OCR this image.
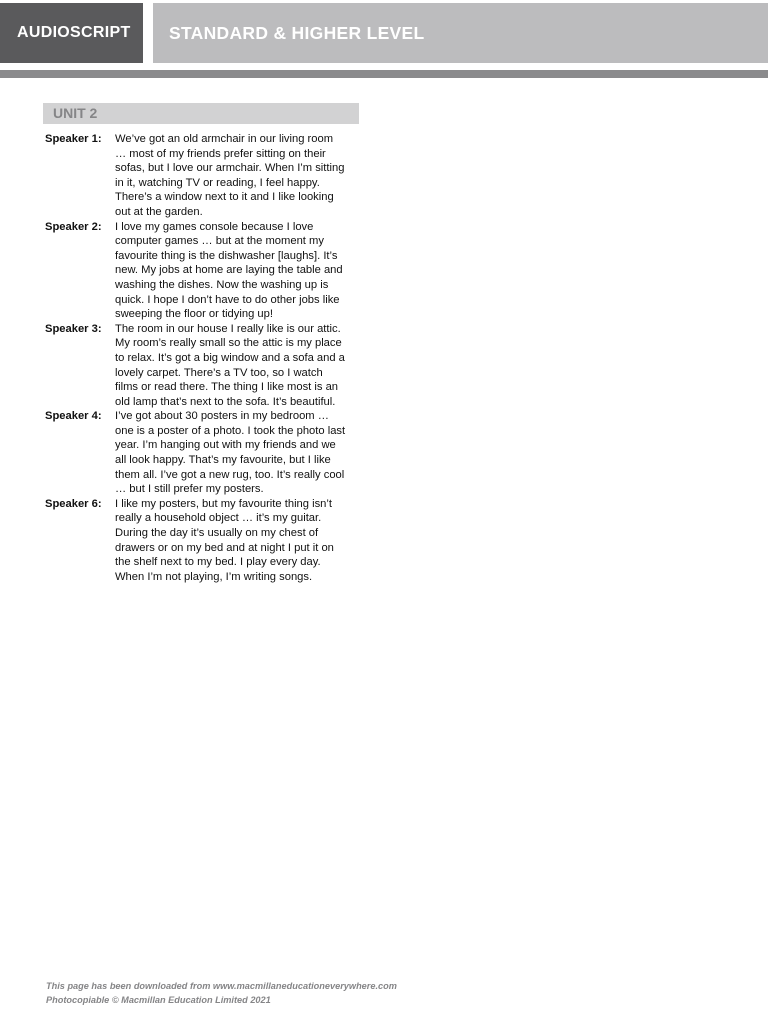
AUDIOSCRIPT	STANDARD & HIGHER LEVEL
UNIT 2
Speaker 1:	We’ve got an old armchair in our living room
… most of my friends prefer sitting on their
sofas, but I love our armchair. When I’m sitting
in it, watching TV or reading, I feel happy.
There’s a window next to it and I like looking
out at the garden.
Speaker 2:	I love my games console because I love
computer games … but at the moment my
favourite thing is the dishwasher [laughs]. It’s
new. My jobs at home are laying the table and
washing the dishes. Now the washing up is
quick. I hope I don’t have to do other jobs like
sweeping the floor or tidying up!
Speaker 3:	The room in our house I really like is our attic.
My room’s really small so the attic is my place
to relax. It’s got a big window and a sofa and a
lovely carpet. There’s a TV too, so I watch
films or read there. The thing I like most is an
old lamp that’s next to the sofa. It’s beautiful.
Speaker 4:	I’ve got about 30 posters in my bedroom …
one is a poster of a photo. I took the photo last
year. I’m hanging out with my friends and we
all look happy. That’s my favourite, but I like
them all. I’ve got a new rug, too. It’s really cool
… but I still prefer my posters.
Speaker 6:	I like my posters, but my favourite thing isn’t
really a household object … it’s my guitar.
During the day it’s usually on my chest of
drawers or on my bed and at night I put it on
the shelf next to my bed. I play every day.
When I’m not playing, I’m writing songs.
This page has been downloaded from www.macmillaneducationeverywhere.com
Photocopiable © Macmillan Education Limited 2021
